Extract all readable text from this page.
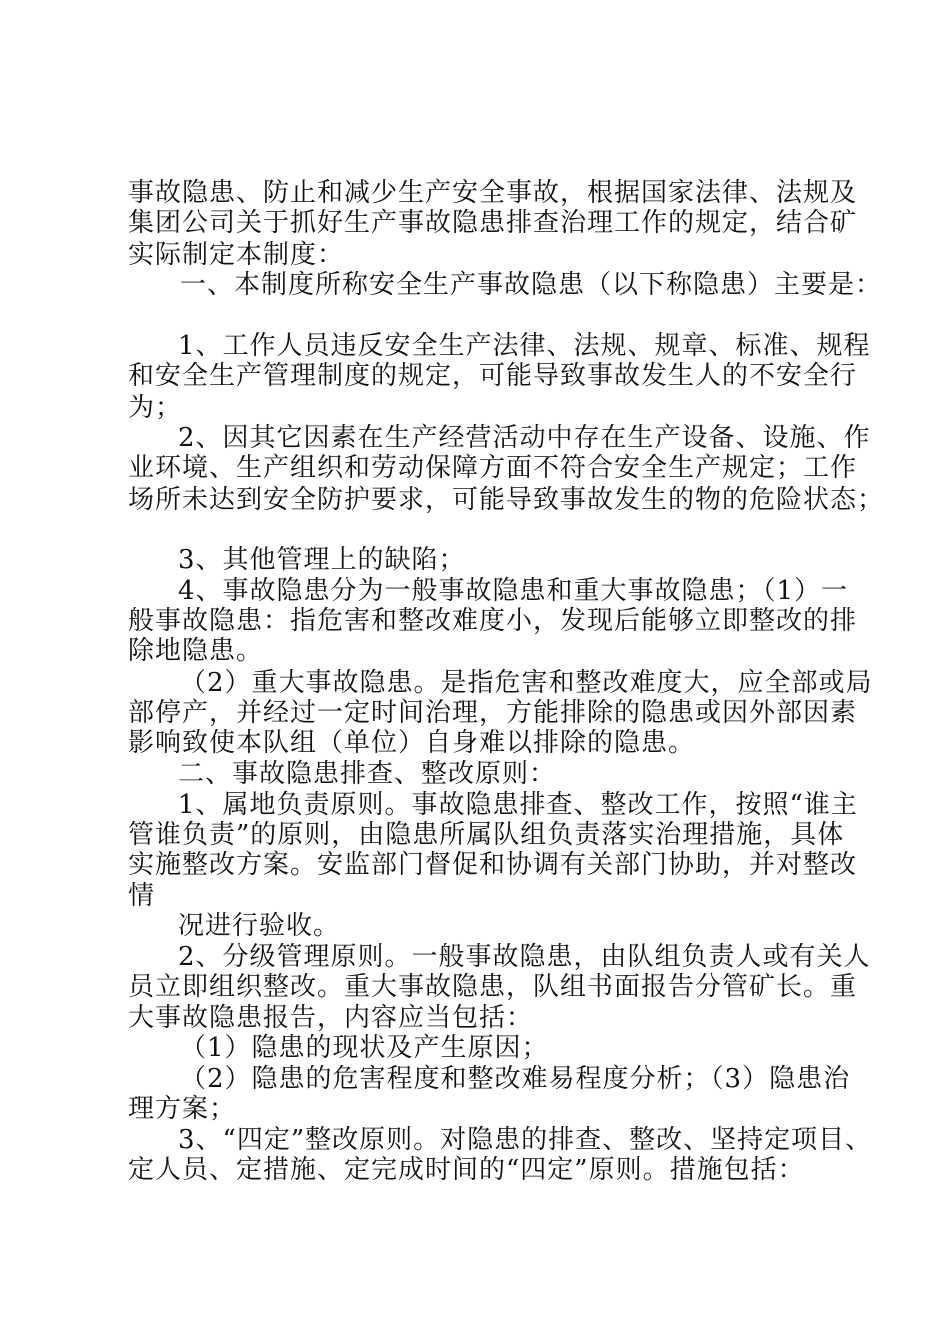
事故隐患、防止和减少生产安全事故，根据国家法律、法规及
集团公司关于抓好生产事故隐患排查治理工作的规定，结合矿
实际制定本制度：
一、本制度所称安全生产事故隐患（以下称隐患）主要是：
1、工作人员违反安全生产法律、法规、规章、标准、规程
和安全生产管理制度的规定，可能导致事故发生人的不安全行
为；
2、因其它因素在生产经营活动中存在生产设备、设施、作
业环境、生产组织和劳动保障方面不符合安全生产规定；工作
场所未达到安全防护要求，可能导致事故发生的物的危险状态；
3、其他管理上的缺陷；
4、事故隐患分为一般事故隐患和重大事故隐患；（1）一
般事故隐患：指危害和整改难度小，发现后能够立即整改的排
除地隐患。
（2）重大事故隐患。是指危害和整改难度大，应全部或局
部停产，并经过一定时间治理，方能排除的隐患或因外部因素
影响致使本队组（单位）自身难以排除的隐患。
二、事故隐患排查、整改原则：
1、属地负责原则。事故隐患排查、整改工作，按照“谁主
管谁负责”的原则，由隐患所属队组负责落实治理措施，具体
实施整改方案。安监部门督促和协调有关部门协助，并对整改
情
况进行验收。
2、分级管理原则。一般事故隐患，由队组负责人或有关人
员立即组织整改。重大事故隐患，队组书面报告分管矿长。重
大事故隐患报告，内容应当包括：
（1）隐患的现状及产生原因；
（2）隐患的危害程度和整改难易程度分析；（3）隐患治
理方案；
3、“四定”整改原则。对隐患的排查、整改、坚持定项目、
定人员、定措施、定完成时间的“四定”原则。措施包括：
